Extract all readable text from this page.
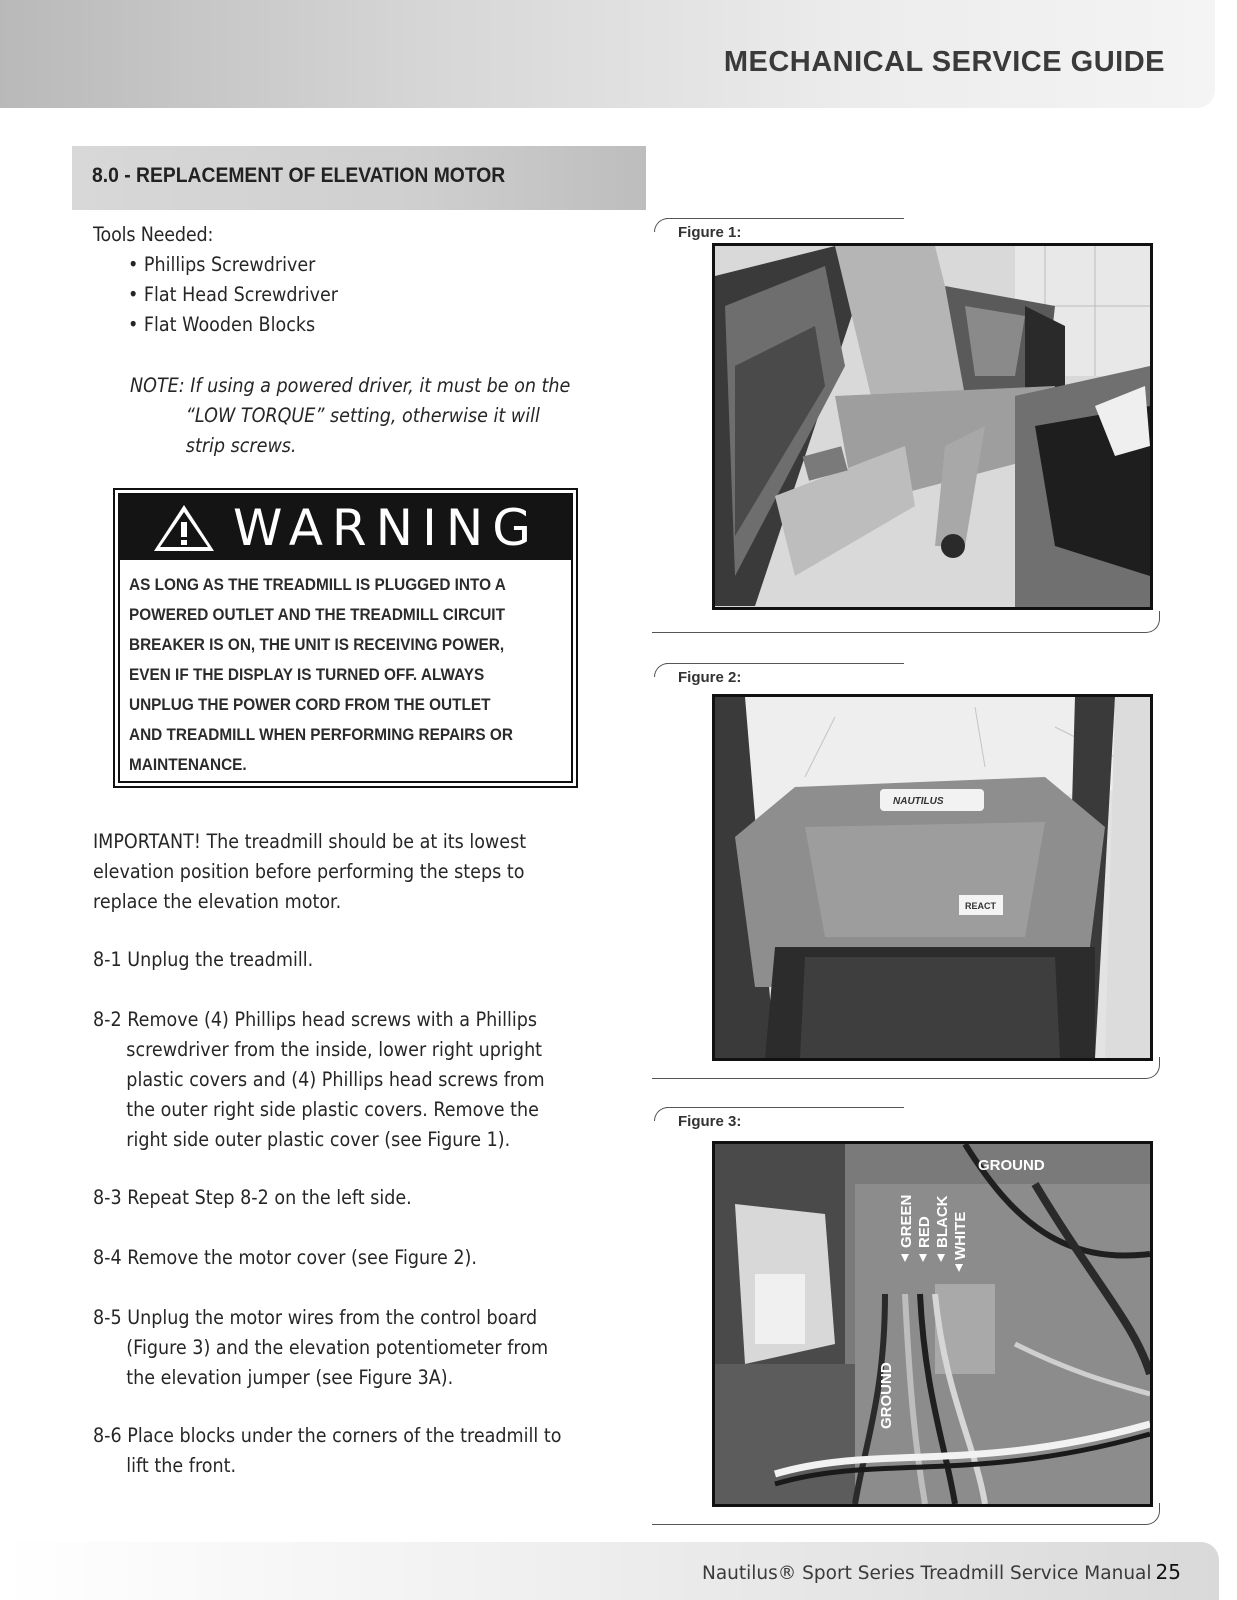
MECHANICAL SERVICE GUIDE
8.0 - REPLACEMENT OF ELEVATION MOTOR
Tools Needed:
• Phillips Screwdriver
• Flat Head Screwdriver
• Flat Wooden Blocks
NOTE: If using a powered driver, it must be on the
“LOW TORQUE” setting, otherwise it will
strip screws.
WARNING
AS LONG AS THE TREADMILL IS PLUGGED INTO A
POWERED OUTLET AND THE TREADMILL CIRCUIT
BREAKER IS ON, THE UNIT IS RECEIVING POWER,
EVEN IF THE DISPLAY IS TURNED OFF. ALWAYS
UNPLUG THE POWER CORD FROM THE OUTLET
AND TREADMILL WHEN PERFORMING REPAIRS OR
MAINTENANCE.
IMPORTANT! The treadmill should be at its lowest
elevation position before performing the steps to
replace the elevation motor.
8-1 Unplug the treadmill.
8-2 Remove (4) Phillips head screws with a Phillips
screwdriver from the inside, lower right upright
plastic covers and (4) Phillips head screws from
the outer right side plastic covers. Remove the
right side outer plastic cover (see Figure 1).
8-3 Repeat Step 8-2 on the left side.
8-4 Remove the motor cover (see Figure 2).
8-5 Unplug the motor wires from the control board
(Figure 3) and the elevation potentiometer from
the elevation jumper (see Figure 3A).
8-6 Place blocks under the corners of the treadmill to
lift the front.
Figure 1:
Figure 2:
NAUTILUS
REACT
Figure 3:
GROUND
GREEN RED BLACK WHITE
GROUND
Nautilus® Sport Series Treadmill Service Manual 25
